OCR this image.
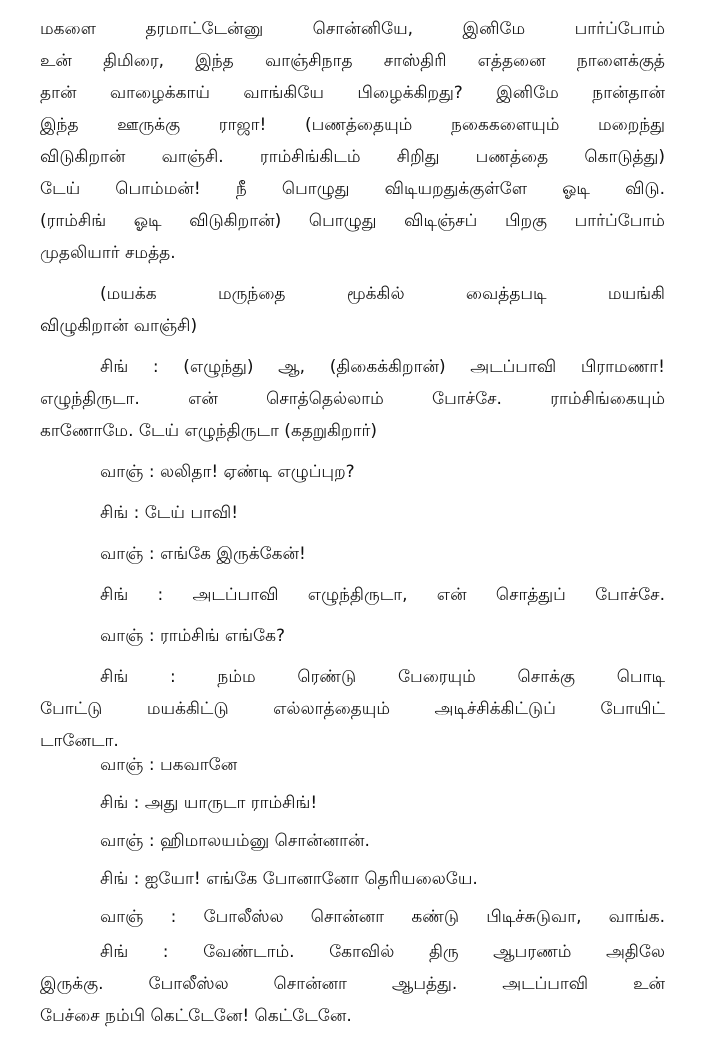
மகளை தரமாட்டேன்னு சொன்னியே, இனிமே பார்ப்போம்
உன் திமிரை, இந்த வாஞ்சிநாத சாஸ்திரி எத்தனை நாளைக்குத்
தான் வாழைக்காய் வாங்கியே பிழைக்கிறது? இனிமே நான்தான்
இந்த ஊருக்கு ராஜா! (பணத்தையும் நகைகளையும் மறைந்து
விடுகிறான் வாஞ்சி. ராம்சிங்கிடம் சிறிது பணத்தை கொடுத்து)
டேய் பொம்மன்! நீ பொழுது விடியறதுக்குள்ளே ஓடி விடு.
(ராம்சிங் ஓடி விடுகிறான்) பொழுது விடிஞ்சப் பிறகு பார்ப்போம்
முதலியார் சமத்த.
(மயக்க மருந்தை மூக்கில் வைத்தபடி மயங்கி
விழுகிறான் வாஞ்சி)
சிங் : (எழுந்து) ஆ, (திகைக்கிறான்) அடப்பாவி பிராமணா!
எழுந்திருடா. என் சொத்தெல்லாம் போச்சே. ராம்சிங்கையும்
காணோமே. டேய் எழுந்திருடா (கதறுகிறார்)
வாஞ் : லலிதா! ஏண்டி எழுப்புற?
சிங் : டேய் பாவி!
வாஞ் : எங்கே இருக்கேன்!
சிங் : அடப்பாவி எழுந்திருடா, என் சொத்துப் போச்சே.
வாஞ் : ராம்சிங் எங்கே?
சிங் : நம்ம ரெண்டு பேரையும் சொக்கு பொடி
போட்டு மயக்கிட்டு எல்லாத்தையும் அடிச்சிக்கிட்டுப் போயிட்
டானேடா.
வாஞ் : பகவானே
சிங் : அது யாருடா ராம்சிங்!
வாஞ் : ஹிமாலயம்னு சொன்னான்.
சிங் : ஐயோ! எங்கே போனானோ தெரியலையே.
வாஞ் : போலீஸ்ல சொன்னா கண்டு பிடிச்சுடுவா, வாங்க.
சிங் : வேண்டாம். கோவில் திரு ஆபரணம் அதிலே
இருக்கு. போலீஸ்ல சொன்னா ஆபத்து. அடப்பாவி உன்
பேச்சை நம்பி கெட்டேனே! கெட்டேனே.
